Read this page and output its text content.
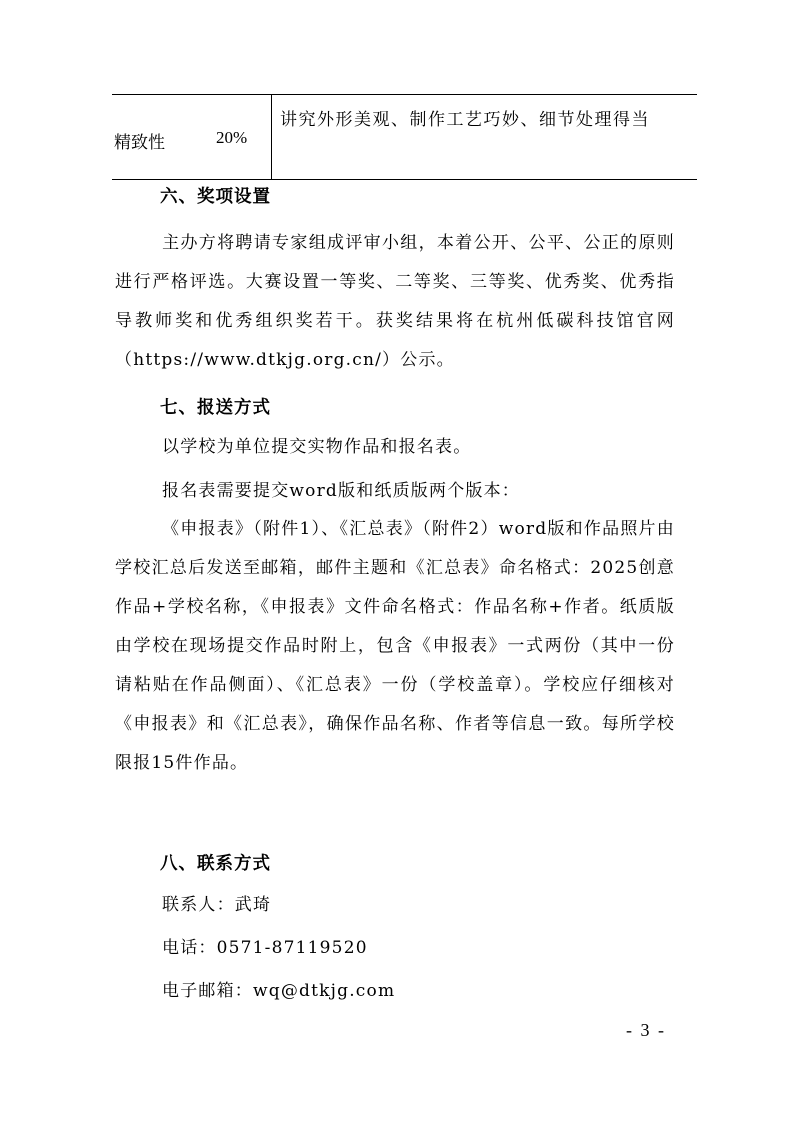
精致性	20%
讲究外形美观、制作工艺巧妙、细节处理得当
六、奖项设置
主办方将聘请专家组成评审小组，本着公开、公平、公正的原则进行严格评选。大赛设置一等奖、二等奖、三等奖、优秀奖、优秀指导教师奖和优秀组织奖若干。获奖结果将在杭州低碳科技馆官网（https://www.dtkjg.org.cn/）公示。
七、报送方式
以学校为单位提交实物作品和报名表。
报名表需要提交word版和纸质版两个版本：
《申报表》（附件1）、《汇总表》（附件2）word版和作品照片由学校汇总后发送至邮箱，邮件主题和《汇总表》命名格式：2025创意作品+学校名称，《申报表》文件命名格式：作品名称+作者。纸质版由学校在现场提交作品时附上，包含《申报表》一式两份（其中一份请粘贴在作品侧面）、《汇总表》一份（学校盖章）。学校应仔细核对《申报表》和《汇总表》，确保作品名称、作者等信息一致。每所学校限报15件作品。
八、联系方式
联系人：武琦
电话：0571-87119520
电子邮箱：wq@dtkjg.com
- 3 -
